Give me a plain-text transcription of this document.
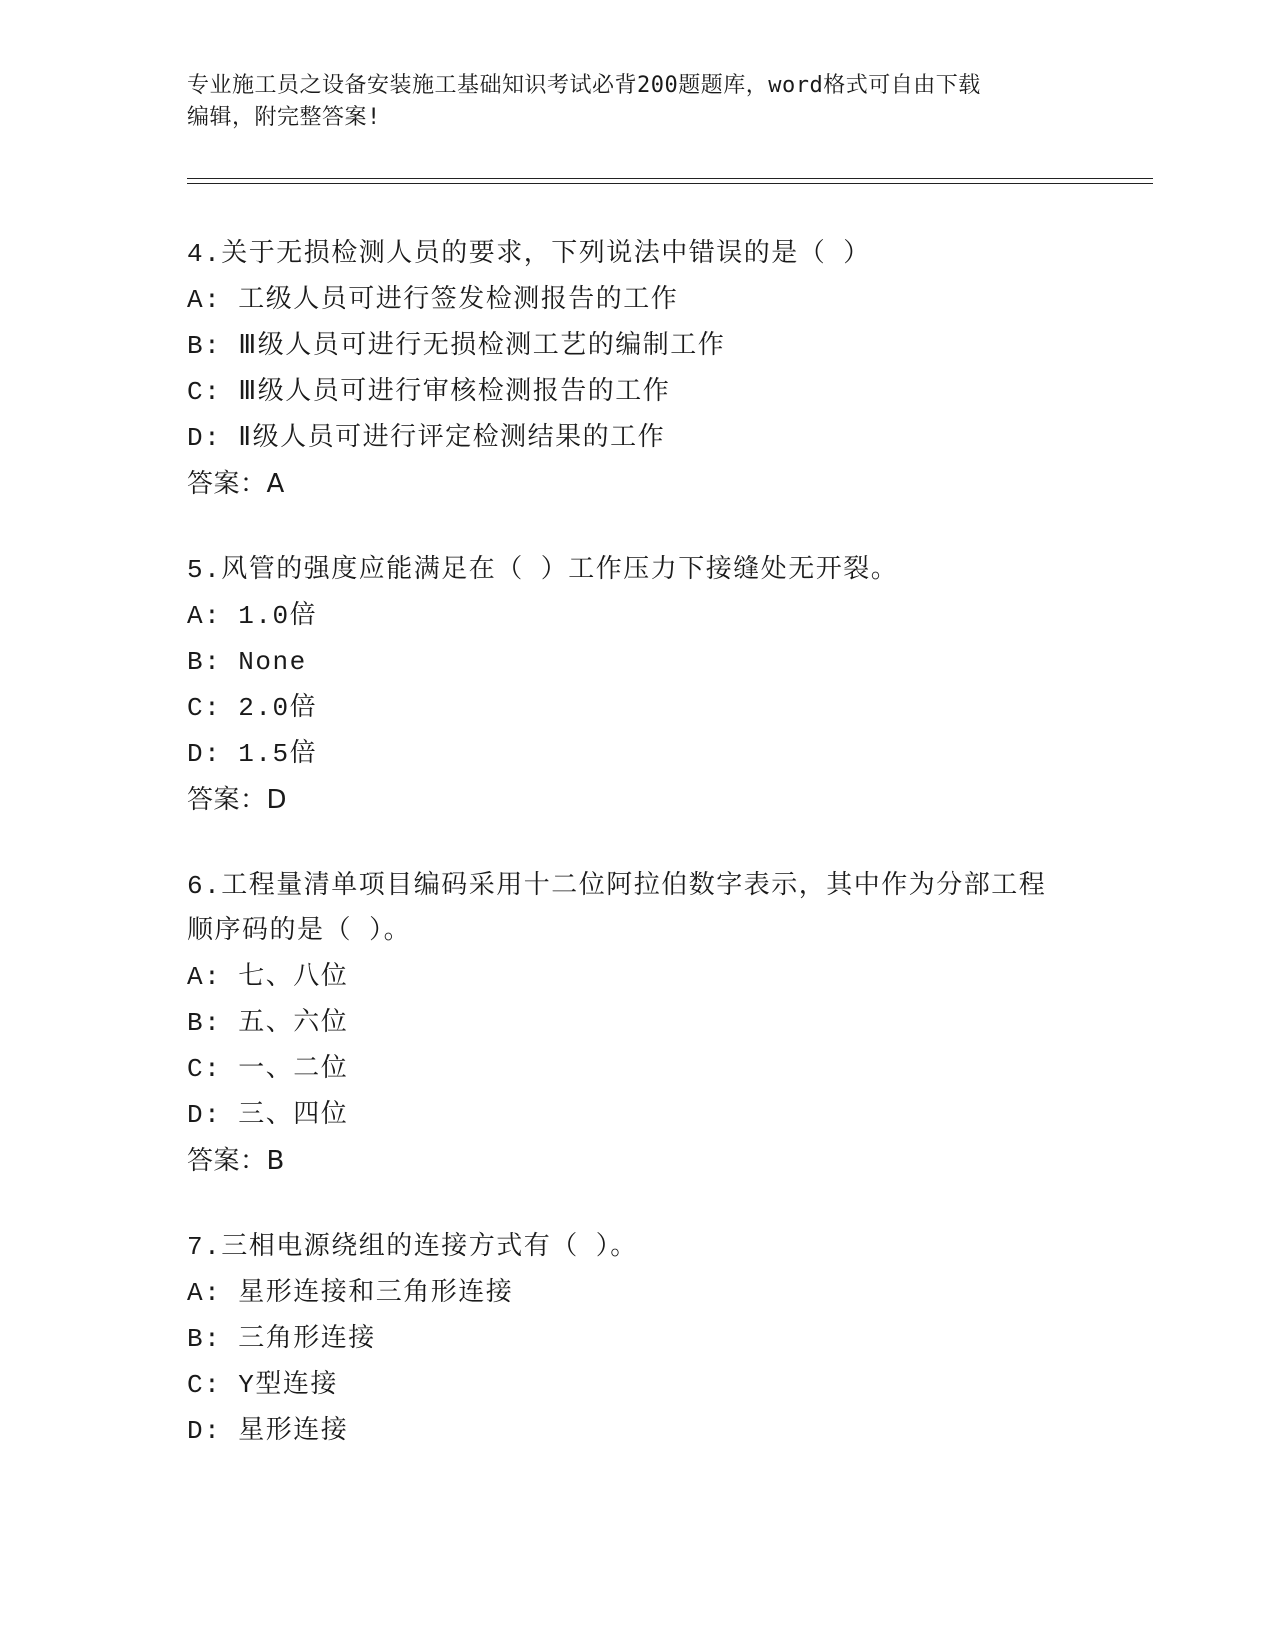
专业施工员之设备安装施工基础知识考试必背200题题库，word格式可自由下载
编辑，附完整答案!

4.关于无损检测人员的要求，下列说法中错误的是（ ）

A: 工级人员可进行签发检测报告的工作

B: Ⅲ级人员可进行无损检测工艺的编制工作

C: Ⅲ级人员可进行审核检测报告的工作

D: Ⅱ级人员可进行评定检测结果的工作

答案：A

5.风管的强度应能满足在（ ）工作压力下接缝处无开裂。

A: 1.0倍

B: None

C: 2.0倍

D: 1.5倍

答案：D

6.工程量清单项目编码采用十二位阿拉伯数字表示，其中作为分部工程顺序码的是（ ）。

A: 七、八位

B: 五、六位

C: 一、二位

D: 三、四位

答案：B

7.三相电源绕组的连接方式有（ ）。

A: 星形连接和三角形连接

B: 三角形连接

C: Y型连接

D: 星形连接
